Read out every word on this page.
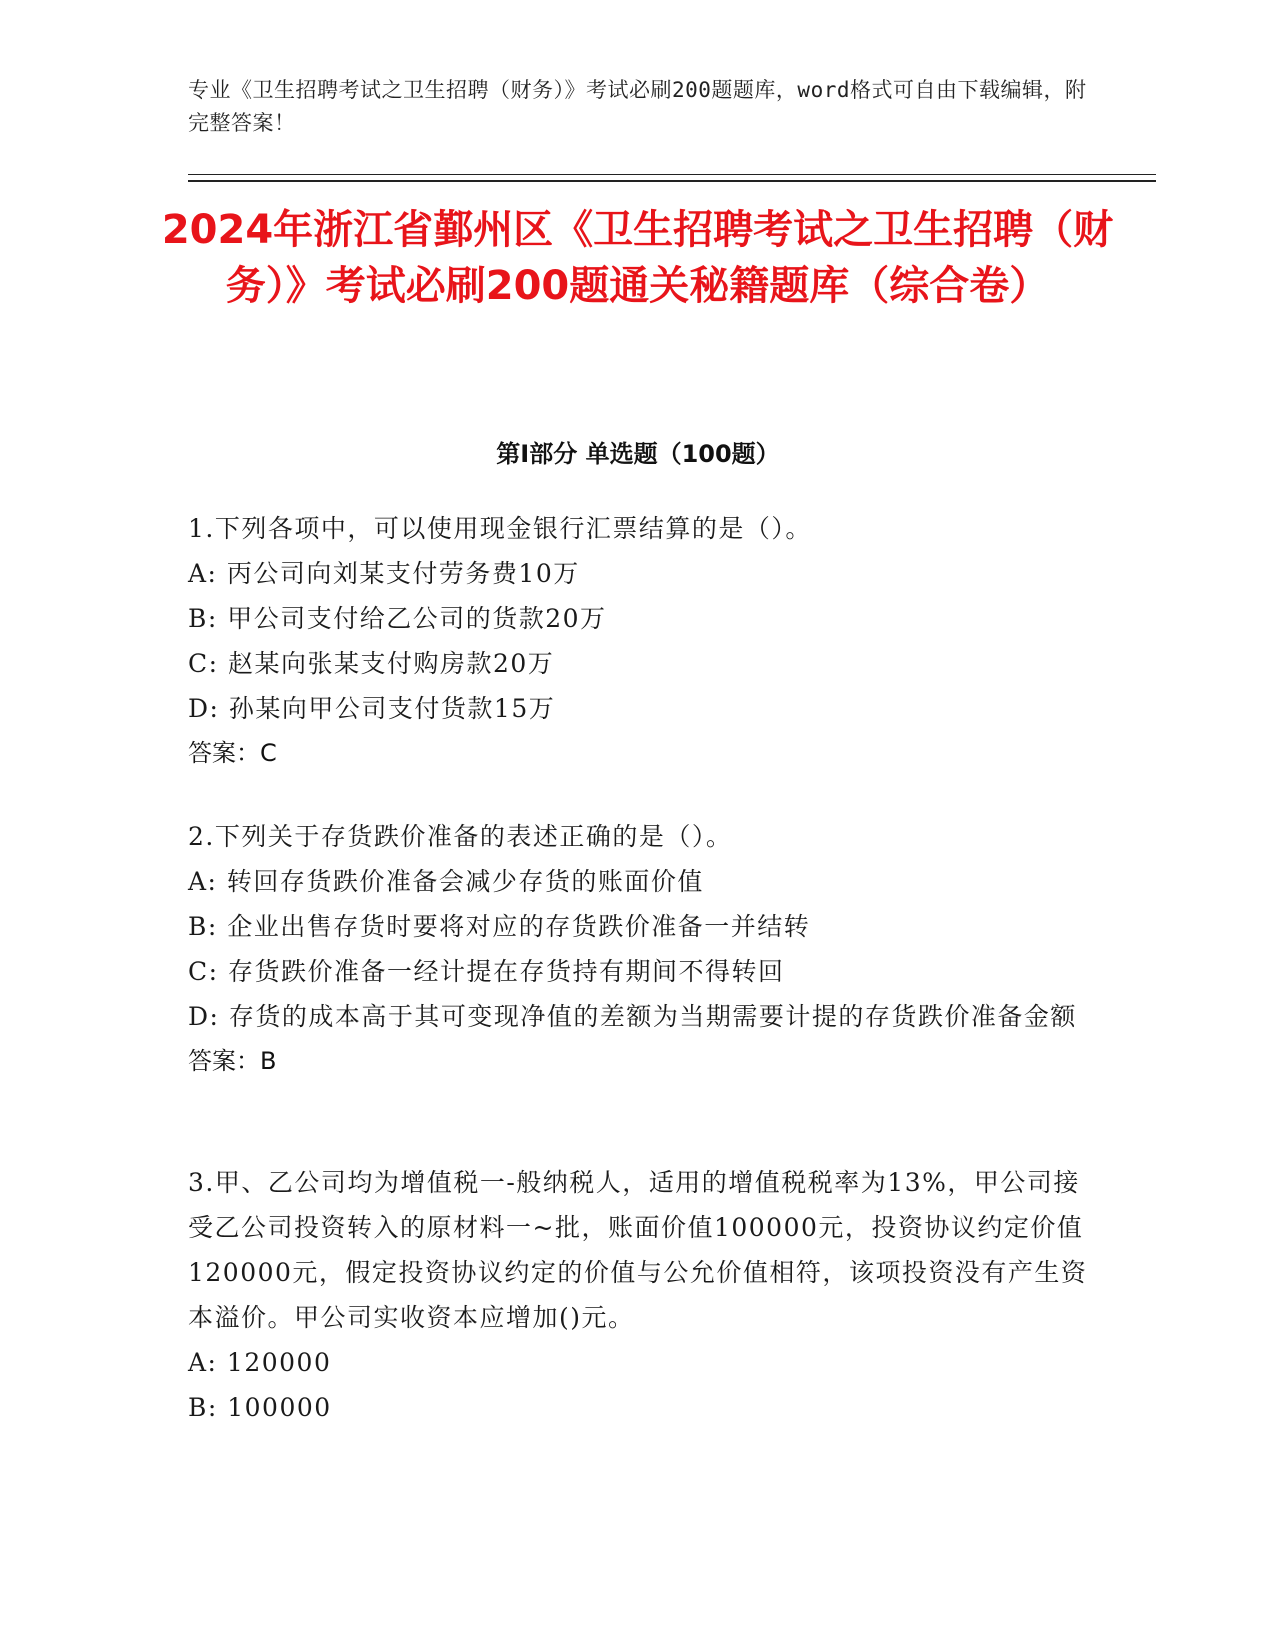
专业《卫生招聘考试之卫生招聘（财务）》考试必刷200题题库，word格式可自由下载编辑，附完整答案！
2024年浙江省鄞州区《卫生招聘考试之卫生招聘（财务）》考试必刷200题通关秘籍题库（综合卷）
第Ⅰ部分 单选题（100题）
1.下列各项中，可以使用现金银行汇票结算的是（）。
A: 丙公司向刘某支付劳务费10万
B: 甲公司支付给乙公司的货款20万
C: 赵某向张某支付购房款20万
D: 孙某向甲公司支付货款15万
答案：C
2.下列关于存货跌价准备的表述正确的是（）。
A: 转回存货跌价准备会减少存货的账面价值
B: 企业出售存货时要将对应的存货跌价准备一并结转
C: 存货跌价准备一经计提在存货持有期间不得转回
D: 存货的成本高于其可变现净值的差额为当期需要计提的存货跌价准备金额
答案：B
3.甲、乙公司均为增值税一-般纳税人，适用的增值税税率为13%，甲公司接受乙公司投资转入的原材料一~批，账面价值100000元，投资协议约定价值120000元，假定投资协议约定的价值与公允价值相符，该项投资没有产生资本溢价。甲公司实收资本应增加()元。
A: 120000
B: 100000
